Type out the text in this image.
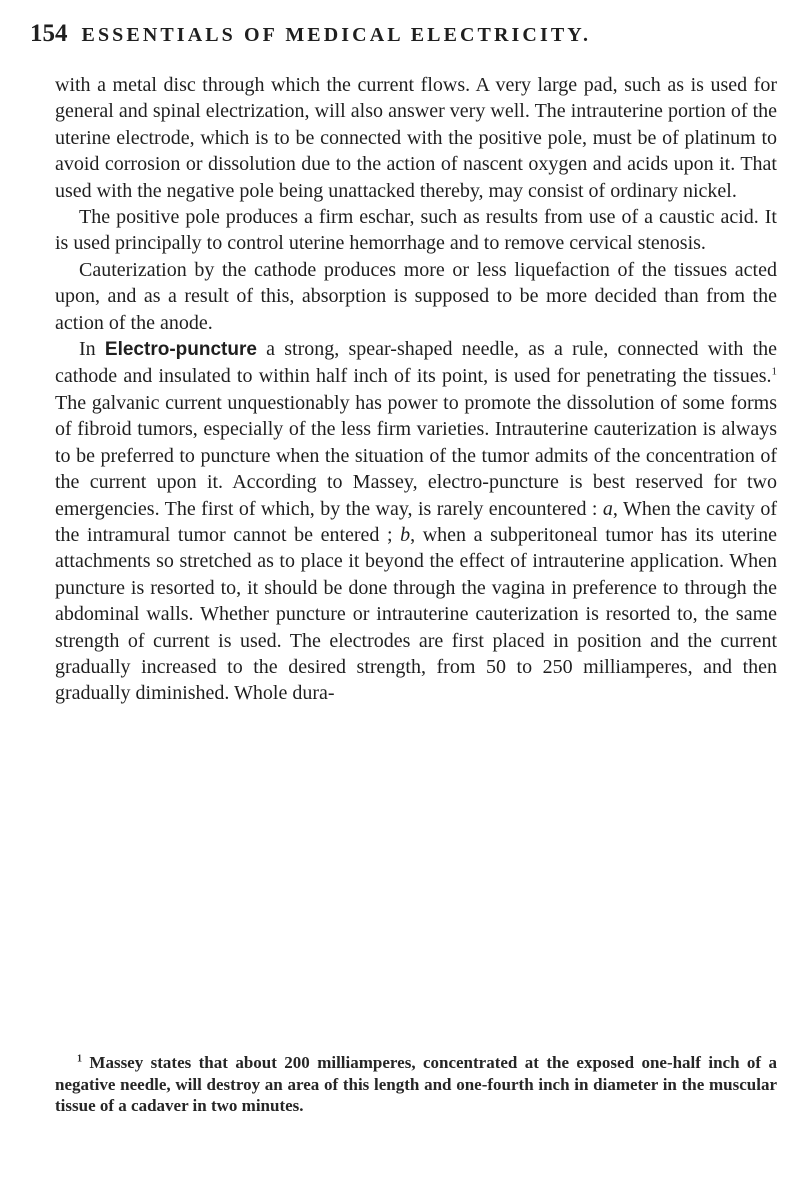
154 ESSENTIALS OF MEDICAL ELECTRICITY.

with a metal disc through which the current flows. A very large pad, such as is used for general and spinal electrization, will also answer very well. The intrauterine portion of the uterine electrode, which is to be connected with the positive pole, must be of platinum to avoid corrosion or dissolution due to the action of nascent oxygen and acids upon it. That used with the negative pole being unattacked thereby, may consist of ordinary nickel.

The positive pole produces a firm eschar, such as results from use of a caustic acid. It is used principally to control uterine hemorrhage and to remove cervical stenosis.

Cauterization by the cathode produces more or less liquefaction of the tissues acted upon, and as a result of this, absorption is supposed to be more decided than from the action of the anode.

In Electro-puncture a strong, spear-shaped needle, as a rule, connected with the cathode and insulated to within half inch of its point, is used for penetrating the tissues.$^1$ The galvanic current unquestionably has power to promote the dissolution of some forms of fibroid tumors, especially of the less firm varieties. Intrauterine cauterization is always to be preferred to puncture when the situation of the tumor admits of the concentration of the current upon it. According to Massey, electro-puncture is best reserved for two emergencies. The first of which, by the way, is rarely encountered : a, When the cavity of the intramural tumor cannot be entered ; b, when a subperitoneal tumor has its uterine attachments so stretched as to place it beyond the effect of intrauterine application. When puncture is resorted to, it should be done through the vagina in preference to through the abdominal walls. Whether puncture or intrauterine cauterization is resorted to, the same strength of current is used. The electrodes are first placed in position and the current gradually increased to the desired strength, from 50 to 250 milliamperes, and then gradually diminished. Whole dura-

$^1$ Massey states that about 200 milliamperes, concentrated at the exposed one-half inch of a negative needle, will destroy an area of this length and one-fourth inch in diameter in the muscular tissue of a cadaver in two minutes.
